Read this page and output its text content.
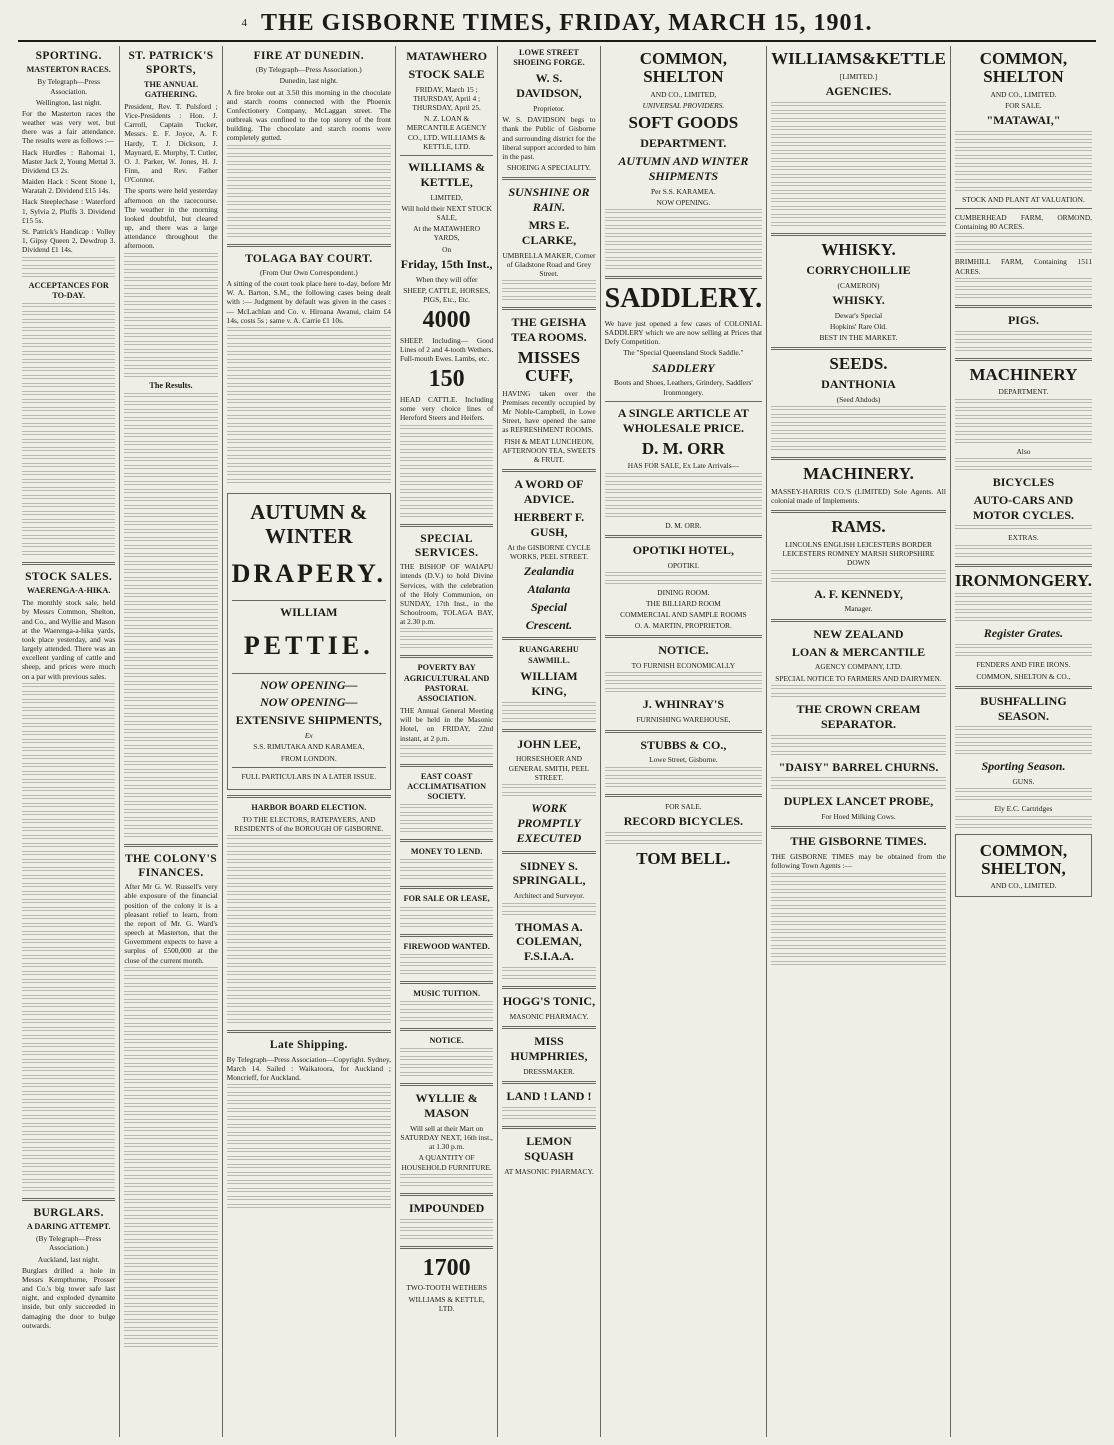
4 THE GISBORNE TIMES, FRIDAY, MARCH 15, 1901.
SPORTING.
MASTERTON RACES.

By Telegraph—Press Association.

Wellington, last night.

For the Masterton races the weather was very wet, but there was a fair attendance. The results were as follows :—

Hack Hurdles : Rahomai 1, Master Jack 2, Young Mettal 3. Dividend £3 2s.

Maiden Hack : Scent Stone 1, Waratah 2. Dividend £15 14s.

Hack Steeplechase : Waterford 1, Sylvia 2, Pluffs 3. Dividend £15 5s.

St. Patrick's Handicap : Volley 1, Gipsy Queen 2, Dewdrop 3. Dividend £1 14s.

ACCEPTANCES FOR TO-DAY.
STOCK SALES.
WAERENGA-A-HIKA.

The monthly stock sale, held by Messrs Common, Shelton, and Co., and Wyllie and Mason at the Waerenga-a-hika yards, took place yesterday, and was largely attended. There was an excellent yarding of cattle and sheep, and prices were much on a par with previous sales.

BURGLARS.
A DARING ATTEMPT.

(By Telegraph—Press Association.)

Auckland, last night.

Burglars drilled a hole in Messrs Kempthorne, Prosser and Co.'s big tower safe last night, and exploded dynamite inside, but only succeeded in damaging the door to bulge outwards.

ST. PATRICK'S SPORTS,
THE ANNUAL GATHERING.

President, Rev. T. Pulsford ; Vice-Presidents : Hon. J. Carroll, Captain Tucker, Messrs. E. F. Joyce, A. F. Hardy, T. J. Dickson, J. Maynard, E. Murphy, T. Cutler, O. J. Parker, W. Jones, H. J. Finn, and Rev. Father O'Connor.

The sports were held yesterday afternoon on the racecourse. The weather in the morning looked doubtful, but cleared up, and there was a large attendance throughout the afternoon.

The Results.
THE COLONY'S FINANCES.

After Mr G. W. Russell's very able exposure of the financial position of the colony it is a pleasant relief to learn, from the report of Mr. G. Ward's speech at Masterton, that the Government expects to have a surplus of £500,000 at the close of the current month.

FIRE AT DUNEDIN.

(By Telegraph—Press Association.)

Dunedin, last night.

A fire broke out at 3.50 this morning in the chocolate and starch rooms connected with the Phoenix Confectionery Company, McLaggan street. The outbreak was confined to the top storey of the front building. The chocolate and starch rooms were completely gutted.

TOLAGA BAY COURT.

(From Our Own Correspondent.)

A sitting of the court took place here to-day, before Mr W. A. Barton, S.M., the following cases being dealt with :— Judgment by default was given in the cases :— McLachlan and Co. v. Hiroana Awanui, claim £4 14s, costs 5s ; same v. A. Carrie £1 10s.

AUTUMN & WINTER
DRAPERY.
WILLIAM
PETTIE.
NOW OPENING—
NOW OPENING—
EXTENSIVE SHIPMENTS,

Ex

S.S. RIMUTAKA AND KARAMEA,

FROM LONDON.

FULL PARTICULARS IN A LATER ISSUE.

HARBOR BOARD ELECTION.

TO THE ELECTORS, RATEPAYERS, AND RESIDENTS of the BOROUGH OF GISBORNE.

Late Shipping.

By Telegraph—Press Association—Copyright. Sydney, March 14. Sailed : Waikatoora, for Auckland ; Moncrieff, for Auckland.

MATAWHERO
STOCK SALE

FRIDAY, March 15 ; THURSDAY, April 4 ; THURSDAY, April 25.

N. Z. LOAN & MERCANTILE AGENCY CO., LTD. WILLIAMS & KETTLE, LTD.

WILLIAMS & KETTLE,

LIMITED,

Will hold their NEXT STOCK SALE,

At the MATAWHERO YARDS,

On

Friday, 15th Inst.,

When they will offer

SHEEP, CATTLE, HORSES, PIGS, Etc., Etc.

4000

SHEEP. Including— Good Lines of 2 and 4-tooth Wethers. Full-mouth Ewes. Lambs, etc.

150

HEAD CATTLE. Including some very choice lines of Hereford Steers and Heifers.

SPECIAL SERVICES.

THE BISHOP OF WAIAPU intends (D.V.) to hold Divine Services, with the celebration of the Holy Communion, on SUNDAY, 17th Inst., in the Schoolroom, TOLAGA BAY, at 2.30 p.m.

POVERTY BAY AGRICULTURAL AND PASTORAL ASSOCIATION.

THE Annual General Meeting will be held in the Masonic Hotel, on FRIDAY, 22nd instant, at 2 p.m.

EAST COAST ACCLIMATISATION SOCIETY.
MONEY TO LEND.
FOR SALE OR LEASE,
FIREWOOD WANTED.
MUSIC TUITION.
NOTICE.
WYLLIE & MASON

Will sell at their Mart on SATURDAY NEXT, 16th inst., at 1.30 p.m.

A QUANTITY OF HOUSEHOLD FURNITURE.

IMPOUNDED
1700

TWO-TOOTH WETHERS

WILLIAMS & KETTLE, LTD.

LOWE STREET SHOEING FORGE.
W. S. DAVIDSON,

Proprietor.

W. S. DAVIDSON begs to thank the Public of Gisborne and surrounding district for the liberal support accorded to him in the past.

SHOEING A SPECIALITY.

SUNSHINE OR RAIN.
MRS E. CLARKE,

UMBRELLA MAKER, Corner of Gladstone Road and Grey Street.

THE GEISHA TEA ROOMS.
MISSES CUFF,

HAVING taken over the Premises recently occupied by Mr Noble-Campbell, in Lowe Street, have opened the same as REFRESHMENT ROOMS.

FISH & MEAT LUNCHEON, AFTERNOON TEA, SWEETS & FRUIT.

A WORD OF ADVICE.
HERBERT F. GUSH,

At the GISBORNE CYCLE WORKS, PEEL STREET.

Zealandia
Atalanta
Special
Crescent.
RUANGAREHU SAWMILL.
WILLIAM KING,
JOHN LEE,

HORSESHOER AND GENERAL SMITH, PEEL STREET.

WORK PROMPTLY EXECUTED
SIDNEY S. SPRINGALL,

Architect and Surveyor.

THOMAS A. COLEMAN, F.S.I.A.A.
HOGG'S TONIC,

MASONIC PHARMACY.

MISS HUMPHRIES,

DRESSMAKER.

LAND ! LAND !
LEMON SQUASH

AT MASONIC PHARMACY.

COMMON, SHELTON

AND CO., LIMITED,

UNIVERSAL PROVIDERS.

SOFT GOODS
DEPARTMENT.
AUTUMN AND WINTER SHIPMENTS

Per S.S. KARAMEA.

NOW OPENING.

SADDLERY.

We have just opened a few cases of COLONIAL SADDLERY which we are now selling at Prices that Defy Competition.

The "Special Queensland Stock Saddle."

SADDLERY

Boots and Shoes, Leathers, Grindery, Saddlers' Ironmongery.

A SINGLE ARTICLE AT WHOLESALE PRICE.
D. M. ORR

HAS FOR SALE, Ex Late Arrivals—

D. M. ORR.

OPOTIKI HOTEL,

OPOTIKI.

DINING ROOM.

THE BILLIARD ROOM

COMMERCIAL AND SAMPLE ROOMS

O. A. MARTIN, PROPRIETOR.

NOTICE.

TO FURNISH ECONOMICALLY

J. WHINRAY'S

FURNISHING WAREHOUSE,

STUBBS & CO.,

Lowe Street, Gisborne.

FOR SALE.

RECORD BICYCLES.
TOM BELL.
WILLIAMS&KETTLE

[LIMITED.]

AGENCIES.
WHISKY.
CORRYCHOILLIE

(CAMERON)

WHISKY.

Dewar's Special

Hopkins' Rare Old.

BEST IN THE MARKET.

SEEDS.
DANTHONIA

(Seed Ahdods)

MACHINERY.

MASSEY-HARRIS CO.'S (LIMITED) Sole Agents. All colonial made of Implements.

RAMS.

LINCOLNS ENGLISH LEICESTERS BORDER LEICESTERS ROMNEY MARSH SHROPSHIRE DOWN

A. F. KENNEDY,

Manager.

NEW ZEALAND
LOAN & MERCANTILE

AGENCY COMPANY, LTD.

SPECIAL NOTICE TO FARMERS AND DAIRYMEN.

THE CROWN CREAM SEPARATOR.
"DAISY" BARREL CHURNS.
DUPLEX LANCET PROBE,

For Hoed Milking Cows.

THE GISBORNE TIMES.

THE GISBORNE TIMES may be obtained from the following Town Agents :—

COMMON, SHELTON

AND CO., LIMITED.

FOR SALE.

"MATAWAI,"

STOCK AND PLANT AT VALUATION.

CUMBERHEAD FARM, ORMOND, Containing 80 ACRES.

BRIMHILL FARM, Containing 1511 ACRES.

PIGS.
MACHINERY

DEPARTMENT.

Also

BICYCLES
AUTO-CARS AND MOTOR CYCLES.

EXTRAS.

IRONMONGERY.
Register Grates.

FENDERS AND FIRE IRONS.

COMMON, SHELTON & CO.,

BUSHFALLING SEASON.
Sporting Season.

GUNS.

Ely E.C. Cartridges

COMMON, SHELTON,

AND CO., LIMITED.
